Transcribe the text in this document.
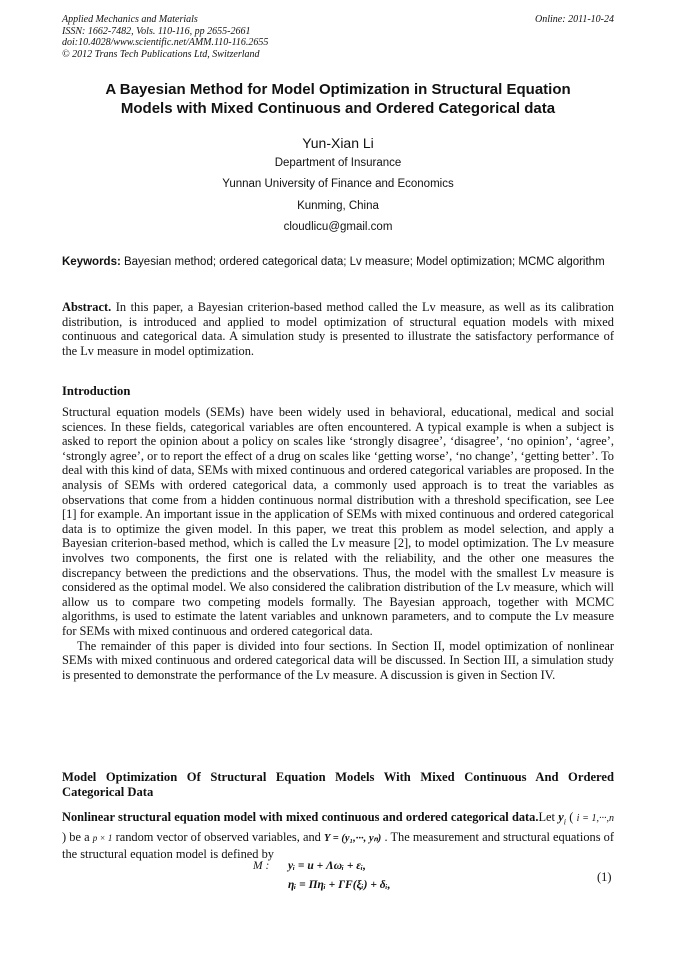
Applied Mechanics and Materials
ISSN: 1662-7482, Vols. 110-116, pp 2655-2661
doi:10.4028/www.scientific.net/AMM.110-116.2655
© 2012 Trans Tech Publications Ltd, Switzerland
Online: 2011-10-24
A Bayesian Method for Model Optimization in Structural Equation
Models with Mixed Continuous and Ordered Categorical data
Yun-Xian Li
Department of Insurance
Yunnan University of Finance and Economics
Kunming, China
cloudlicu@gmail.com
Keywords: Bayesian method; ordered categorical data; Lv measure; Model optimization; MCMC algorithm
Abstract. In this paper, a Bayesian criterion-based method called the Lv measure, as well as its calibration distribution, is introduced and applied to model optimization of structural equation models with mixed continuous and categorical data. A simulation study is presented to illustrate the satisfactory performance of the Lv measure in model optimization.
Introduction

Structural equation models (SEMs) have been widely used in behavioral, educational, medical and social sciences. In these fields, categorical variables are often encountered. A typical example is when a subject is asked to report the opinion about a policy on scales like ‘strongly disagree’, ‘disagree’, ‘no opinion’, ‘agree’, ‘strongly agree’, or to report the effect of a drug on scales like ‘getting worse’, ‘no change’, ‘getting better’. To deal with this kind of data, SEMs with mixed continuous and ordered categorical variables are proposed. In the analysis of SEMs with ordered categorical data, a commonly used approach is to treat the variables as observations that come from a hidden continuous normal distribution with a threshold specification, see Lee [1] for example. An important issue in the application of SEMs with mixed continuous and ordered categorical data is to optimize the given model. In this paper, we treat this problem as model selection, and apply a Bayesian criterion-based method, which is called the Lv measure [2], to model optimization. The Lv measure involves two components, the first one is related with the reliability, and the other one measures the discrepancy between the predictions and the observations. Thus, the model with the smallest Lv measure is considered as the optimal model. We also considered the calibration distribution of the Lv measure, which will allow us to compare two competing models formally. The Bayesian approach, together with MCMC algorithms, is used to estimate the latent variables and unknown parameters, and to compute the Lv measure for SEMs with mixed continuous and ordered categorical data.

The remainder of this paper is divided into four sections. In Section II, model optimization of nonlinear SEMs with mixed continuous and ordered categorical data will be discussed. In Section III, a simulation study is presented to demonstrate the performance of the Lv measure. A discussion is given in Section IV.

Model Optimization Of Structural Equation Models With Mixed Continuous And Ordered Categorical Data
Nonlinear structural equation model with mixed continuous and ordered categorical data.Let $y_i$ ( i = 1,···,n ) be a p × 1 random vector of observed variables, and Y = (y₁,···, yₙ) . The measurement and structural equations of the structural equation model is defined by
M : yᵢ = u + Λωᵢ + εᵢ,
ηᵢ = Πηᵢ + ΓF(ξᵢ) + δᵢ,
(1)
